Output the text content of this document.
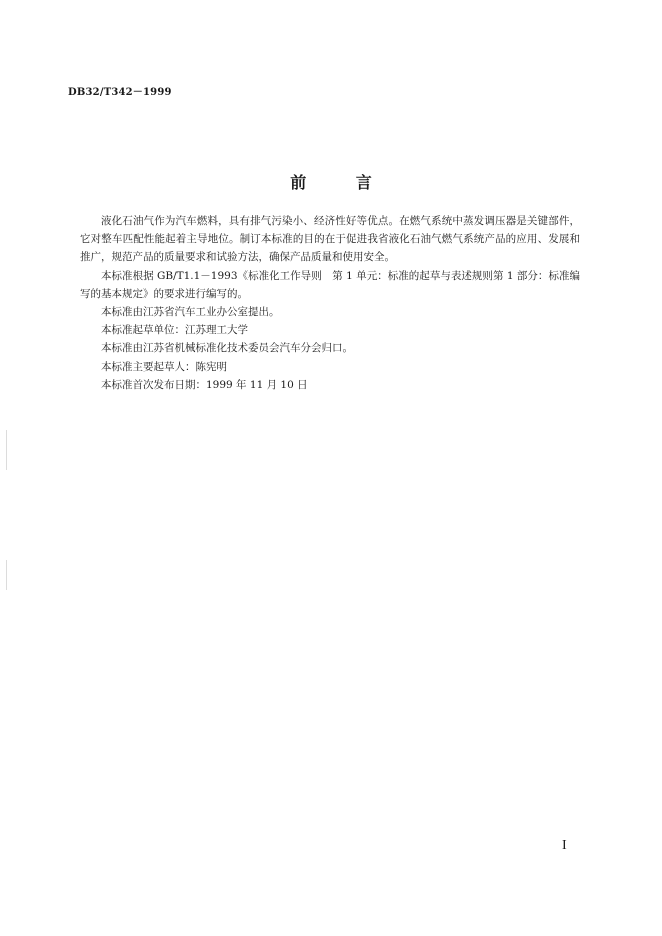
DB32/T342－1999
前 言

液化石油气作为汽车燃料，具有排气污染小、经济性好等优点。在燃气系统中蒸发调压器是关键部件，它对整车匹配性能起着主导地位。制订本标准的目的在于促进我省液化石油气燃气系统产品的应用、发展和推广，规范产品的质量要求和试验方法，确保产品质量和使用安全。

本标准根据 GB/T1.1－1993《标准化工作导则　第 1 单元：标准的起草与表述规则第 1 部分：标准编写的基本规定》的要求进行编写的。

本标准由江苏省汽车工业办公室提出。

本标准起草单位：江苏理工大学

本标准由江苏省机械标准化技术委员会汽车分会归口。

本标准主要起草人：陈宪明

本标准首次发布日期：1999 年 11 月 10 日

I
